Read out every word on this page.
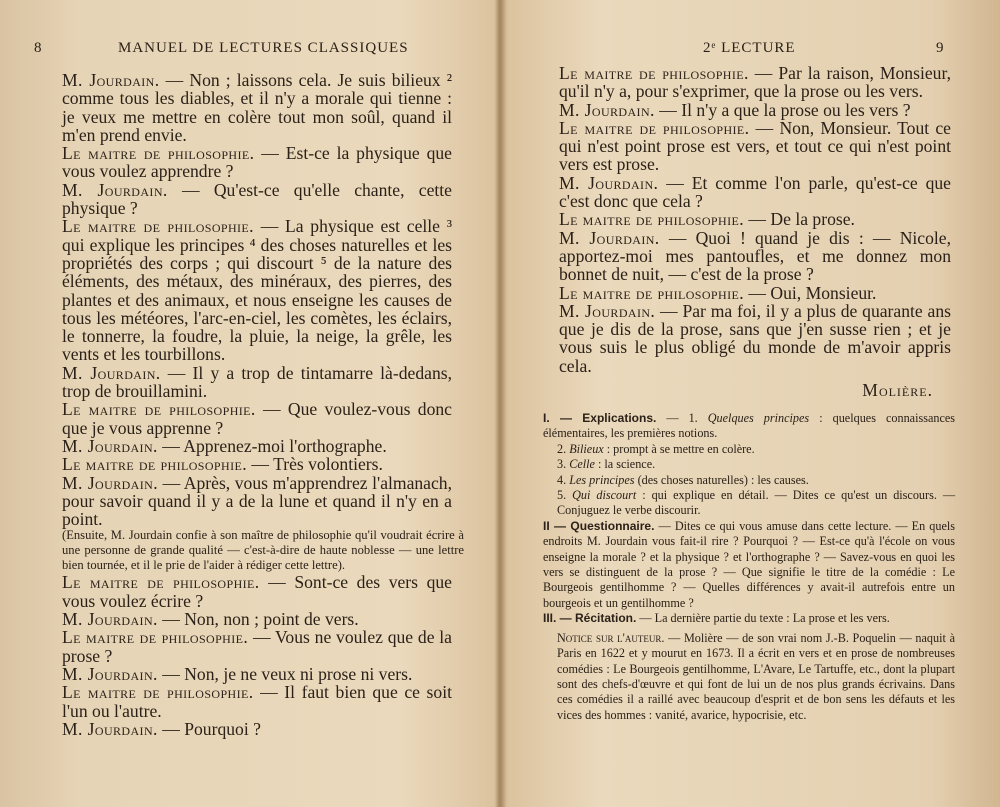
8	MANUEL DE LECTURES CLASSIQUES

M. Jourdain. — Non ; laissons cela. Je suis bilieux ² comme tous les diables, et il n'y a morale qui tienne : je veux me mettre en colère tout mon soûl, quand il m'en prend envie.

Le maitre de philosophie. — Est-ce la physique que vous voulez apprendre ?

M. Jourdain. — Qu'est-ce qu'elle chante, cette physique ?

Le maitre de philosophie. — La physique est celle ³ qui explique les principes ⁴ des choses naturelles et les propriétés des corps ; qui discourt ⁵ de la nature des éléments, des métaux, des minéraux, des pierres, des plantes et des animaux, et nous enseigne les causes de tous les météores, l'arc-en-ciel, les comètes, les éclairs, le tonnerre, la foudre, la pluie, la neige, la grêle, les vents et les tourbillons.

M. Jourdain. — Il y a trop de tintamarre là-dedans, trop de brouillamini.

Le maitre de philosophie. — Que voulez-vous donc que je vous apprenne ?

M. Jourdain. — Apprenez-moi l'orthographe.

Le maitre de philosophie. — Très volontiers.

M. Jourdain. — Après, vous m'apprendrez l'almanach, pour savoir quand il y a de la lune et quand il n'y en a point.

(Ensuite, M. Jourdain confie à son maître de philosophie qu'il voudrait écrire à une personne de grande qualité — c'est-à-dire de haute noblesse — une lettre bien tournée, et il le prie de l'aider à rédiger cette lettre).

Le maitre de philosophie. — Sont-ce des vers que vous voulez écrire ?

M. Jourdain. — Non, non ; point de vers.

Le maitre de philosophie. — Vous ne voulez que de la prose ?

M. Jourdain. — Non, je ne veux ni prose ni vers.

Le maitre de philosophie. — Il faut bien que ce soit l'un ou l'autre.

M. Jourdain. — Pourquoi ?

2ᵉ LECTURE	9

Le maitre de philosophie. — Par la raison, Monsieur, qu'il n'y a, pour s'exprimer, que la prose ou les vers.

M. Jourdain. — Il n'y a que la prose ou les vers ?

Le maitre de philosophie. — Non, Monsieur. Tout ce qui n'est point prose est vers, et tout ce qui n'est point vers est prose.

M. Jourdain. — Et comme l'on parle, qu'est-ce que c'est donc que cela ?

Le maitre de philosophie. — De la prose.

M. Jourdain. — Quoi ! quand je dis : — Nicole, apportez-moi mes pantoufles, et me donnez mon bonnet de nuit, — c'est de la prose ?

Le maitre de philosophie. — Oui, Monsieur.

M. Jourdain. — Par ma foi, il y a plus de quarante ans que je dis de la prose, sans que j'en susse rien ; et je vous suis le plus obligé du monde de m'avoir appris cela.

Molière.

I. — Explications. — 1. Quelques principes : quelques connaissances élémentaires, les premières notions.

2. Bilieux : prompt à se mettre en colère.

3. Celle : la science.

4. Les principes (des choses naturelles) : les causes.

5. Qui discourt : qui explique en détail. — Dites ce qu'est un discours. — Conjuguez le verbe discourir.

II — Questionnaire. — Dites ce qui vous amuse dans cette lecture. — En quels endroits M. Jourdain vous fait-il rire ? Pourquoi ? — Est-ce qu'à l'école on vous enseigne la morale ? et la physique ? et l'orthographe ? — Savez-vous en quoi les vers se distinguent de la prose ? — Que signifie le titre de la comédie : Le Bourgeois gentilhomme ? — Quelles différences y avait-il autrefois entre un bourgeois et un gentilhomme ?

III. — Récitation. — La dernière partie du texte : La prose et les vers.

Notice sur l'auteur. — Molière — de son vrai nom J.-B. Poquelin — naquit à Paris en 1622 et y mourut en 1673. Il a écrit en vers et en prose de nombreuses comédies : Le Bourgeois gentilhomme, L'Avare, Le Tartuffe, etc., dont la plupart sont des chefs-d'œuvre et qui font de lui un de nos plus grands écrivains. Dans ces comédies il a raillé avec beaucoup d'esprit et de bon sens les défauts et les vices des hommes : vanité, avarice, hypocrisie, etc.
